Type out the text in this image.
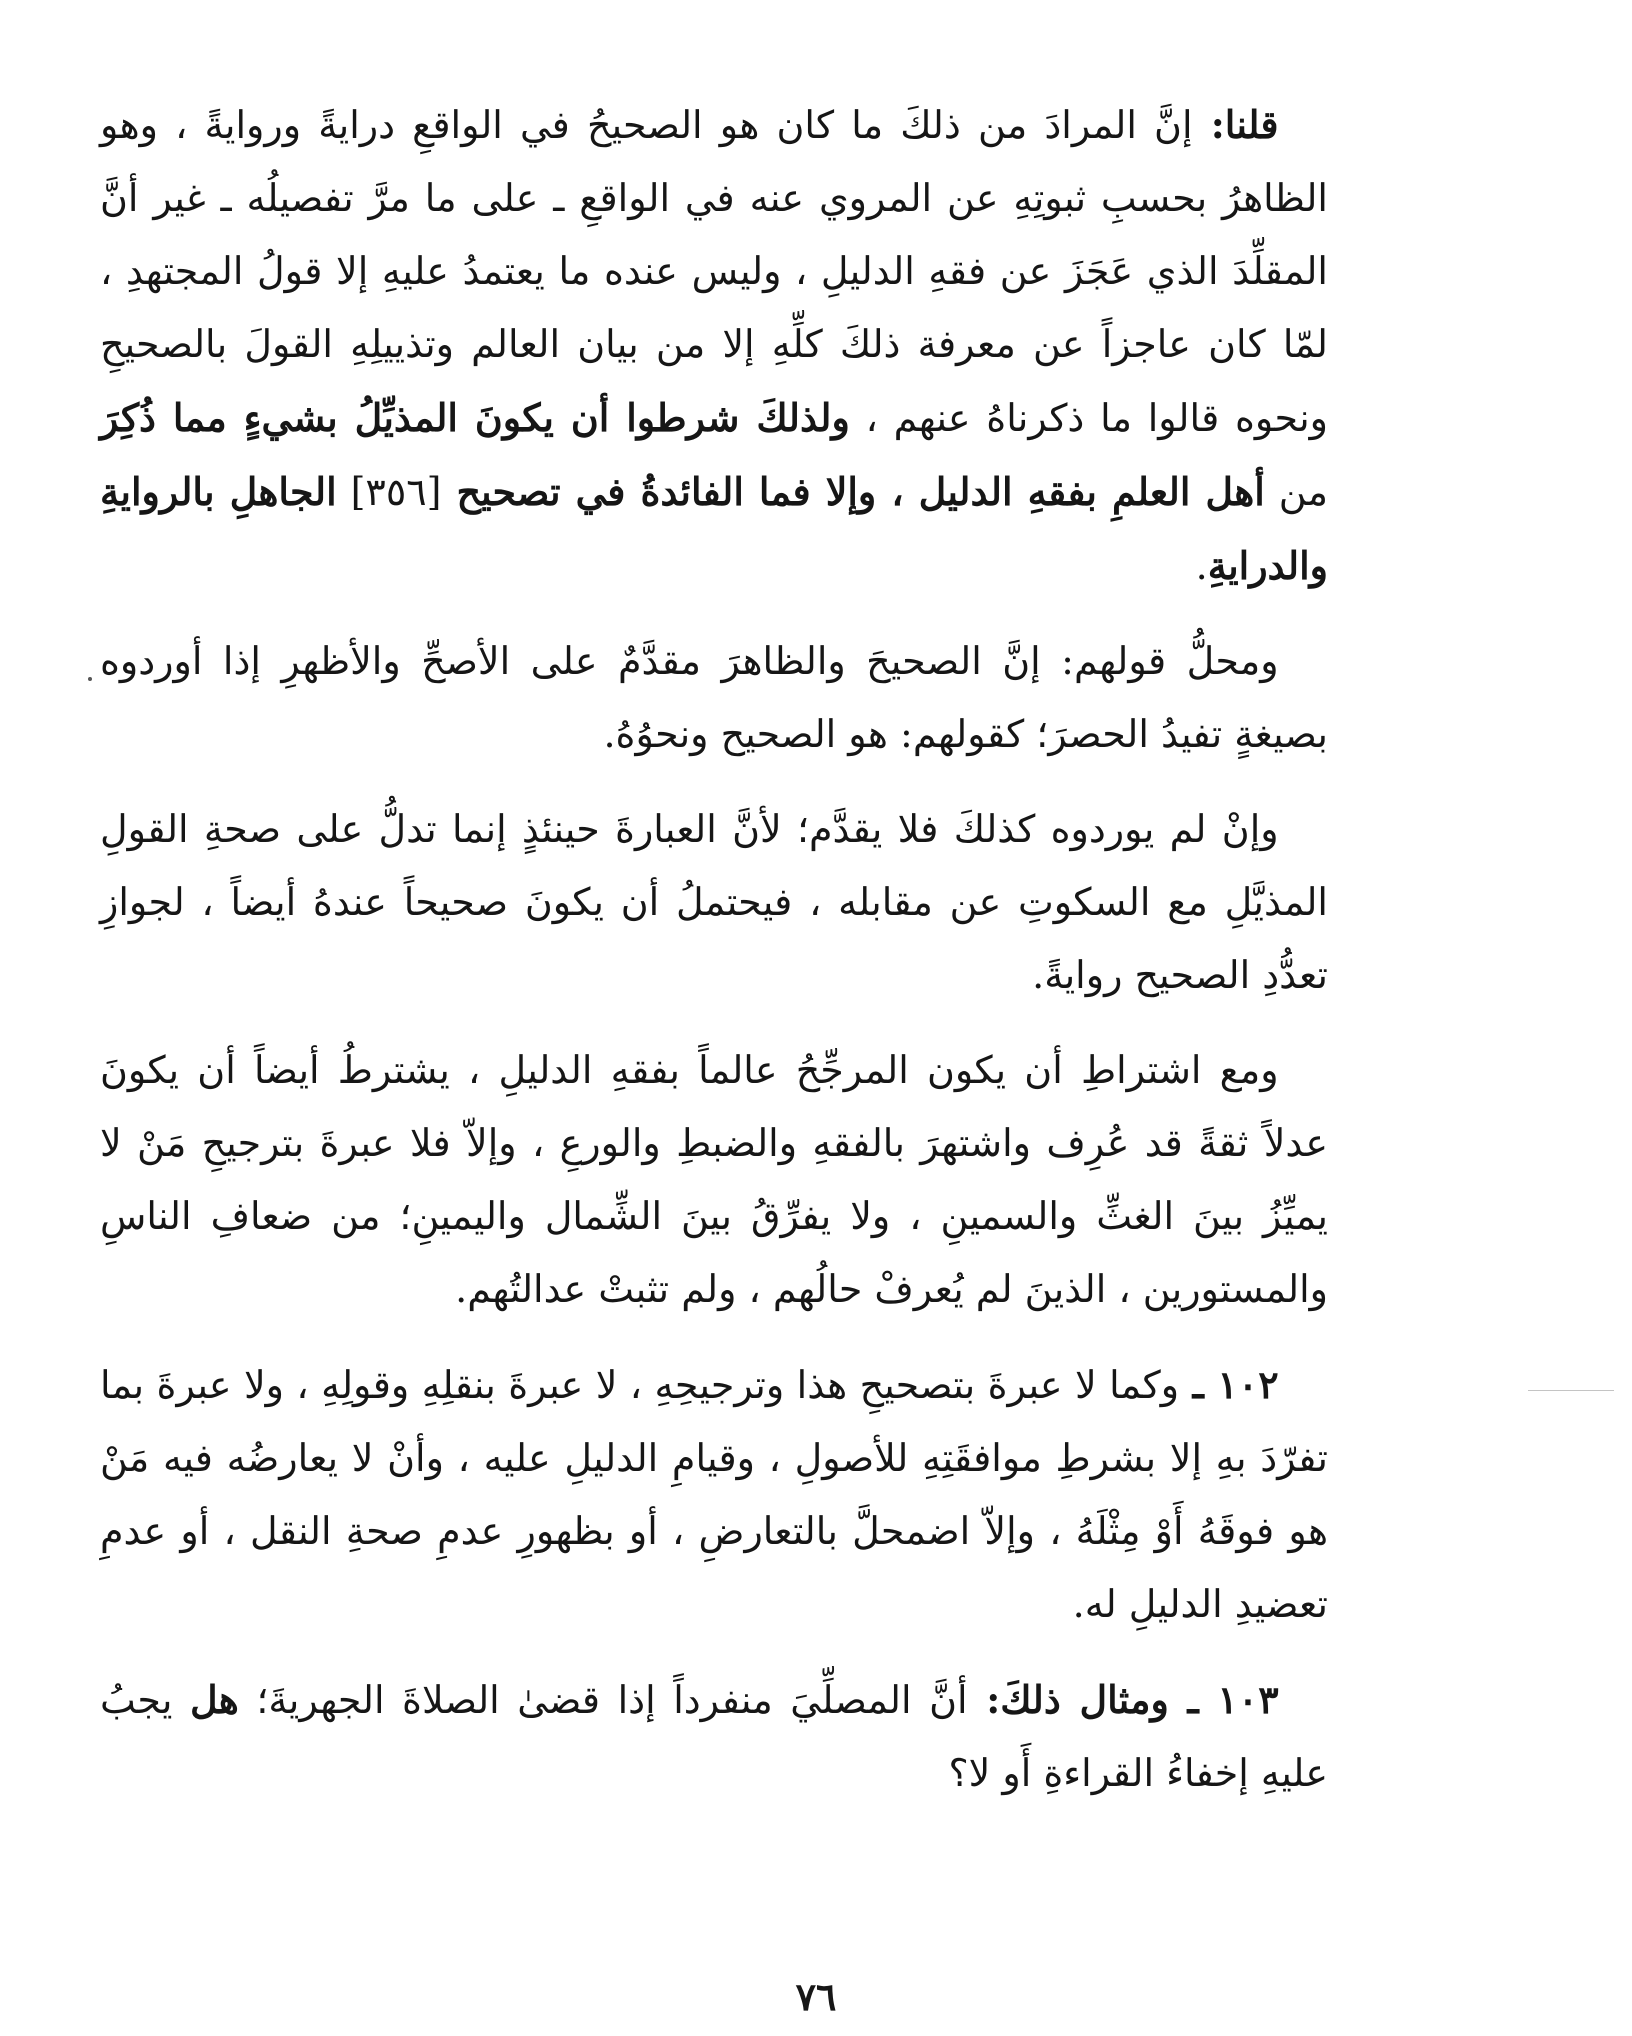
قلنا: إنَّ المرادَ من ذلكَ ما كان هو الصحيحُ في الواقعِ درايةً وروايةً ، وهو الظاهرُ بحسبِ ثبوتِهِ عن المروي عنه في الواقعِ ـ على ما مرَّ تفصيلُه ـ غير أنَّ المقلِّدَ الذي عَجَزَ عن فقهِ الدليلِ ، وليس عنده ما يعتمدُ عليهِ إلا قولُ المجتهدِ ، لمّا كان عاجزاً عن معرفة ذلكَ كلِّهِ إلا من بيان العالم وتذييلِهِ القولَ بالصحيحِ ونحوه قالوا ما ذكرناهُ عنهم ، ولذلكَ شرطوا أن يكونَ المذيِّلُ بشيءٍ مما ذُكِرَ من أهل العلمِ بفقهِ الدليل ، وإلا فما الفائدةُ في تصحيح [٣٥٦] الجاهلِ بالروايةِ والدرايةِ.

ومحلُّ قولهم: إنَّ الصحيحَ والظاهرَ مقدَّمٌ على الأصحِّ والأظهرِ إذا أوردوه بصيغةٍ تفيدُ الحصرَ؛ كقولهم: هو الصحيح ونحوُهُ.

وإنْ لم يوردوه كذلكَ فلا يقدَّم؛ لأنَّ العبارةَ حينئذٍ إنما تدلُّ على صحةِ القولِ المذيَّلِ مع السكوتِ عن مقابله ، فيحتملُ أن يكونَ صحيحاً عندهُ أيضاً ، لجوازِ تعدُّدِ الصحيح روايةً.

ومع اشتراطِ أن يكون المرجِّحُ عالماً بفقهِ الدليلِ ، يشترطُ أيضاً أن يكونَ عدلاً ثقةً قد عُرِف واشتهرَ بالفقهِ والضبطِ والورعِ ، وإلاّ فلا عبرةَ بترجيحِ مَنْ لا يميِّزُ بينَ الغثِّ والسمينِ ، ولا يفرِّقُ بينَ الشِّمال واليمينِ؛ من ضعافِ الناسِ والمستورين ، الذينَ لم يُعرفْ حالُهم ، ولم تثبتْ عدالتُهم.

١٠٢ ـ وكما لا عبرةَ بتصحيحِ هذا وترجيحِهِ ، لا عبرةَ بنقلِهِ وقولِهِ ، ولا عبرةَ بما تفرّدَ بهِ إلا بشرطِ موافقَتِهِ للأصولِ ، وقيامِ الدليلِ عليه ، وأنْ لا يعارضُه فيه مَنْ هو فوقَهُ أَوْ مِثْلَهُ ، وإلاّ اضمحلَّ بالتعارضِ ، أو بظهورِ عدمِ صحةِ النقل ، أو عدمِ تعضيدِ الدليلِ له.

١٠٣ ـ ومثال ذلكَ: أنَّ المصلِّيَ منفرداً إذا قضىٰ الصلاةَ الجهريةَ؛ هل يجبُ عليهِ إخفاءُ القراءةِ أَو لا؟

٧٦
